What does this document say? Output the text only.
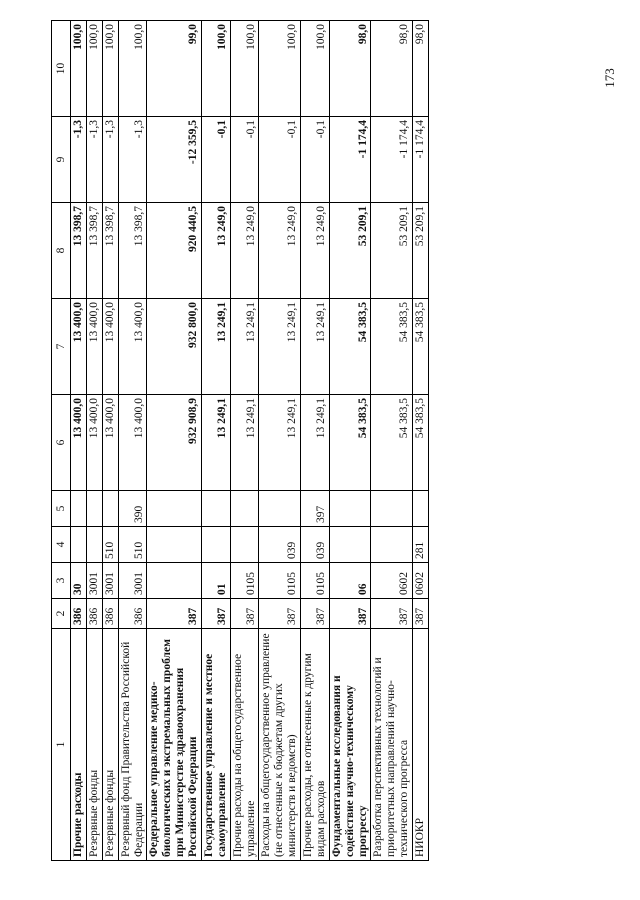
173
1	2	3	4	5	6	7	8	9	10
Прочие расходы	386	30			13 400,0	13 400,0	13 398,7	-1,3	100,0
Резервные фонды	386	3001			13 400,0	13 400,0	13 398,7	-1,3	100,0
Резервные фонды	386	3001	510		13 400,0	13 400,0	13 398,7	-1,3	100,0
Резервный фонд Правительства Российской Федерации	386	3001	510	390	13 400,0	13 400,0	13 398,7	-1,3	100,0
Федеральное управление медико-биологических и экстремальных проблем при Министерстве здравоохранения Российской Федерации	387				932 908,9	932 800,0	920 440,5	-12 359,5	99,0
Государственное управление и местное самоуправление	387	01			13 249,1	13 249,1	13 249,0	-0,1	100,0
Прочие расходы на общегосударственное управление	387	0105			13 249,1	13 249,1	13 249,0	-0,1	100,0
Расходы на общегосударственное управление (не отнесенные к бюджетам других министерств и ведомств)	387	0105	039		13 249,1	13 249,1	13 249,0	-0,1	100,0
Прочие расходы, не отнесенные к другим видам расходов	387	0105	039	397	13 249,1	13 249,1	13 249,0	-0,1	100,0
Фундаментальные исследования и содействие научно-техническому прогрессу	387	06			54 383,5	54 383,5	53 209,1	-1 174,4	98,0
Разработка перспективных технологий и приоритетных направлений научно-технического прогресса	387	0602			54 383,5	54 383,5	53 209,1	-1 174,4	98,0
НИОКР	387	0602	281		54 383,5	54 383,5	53 209,1	-1 174,4	98,0
